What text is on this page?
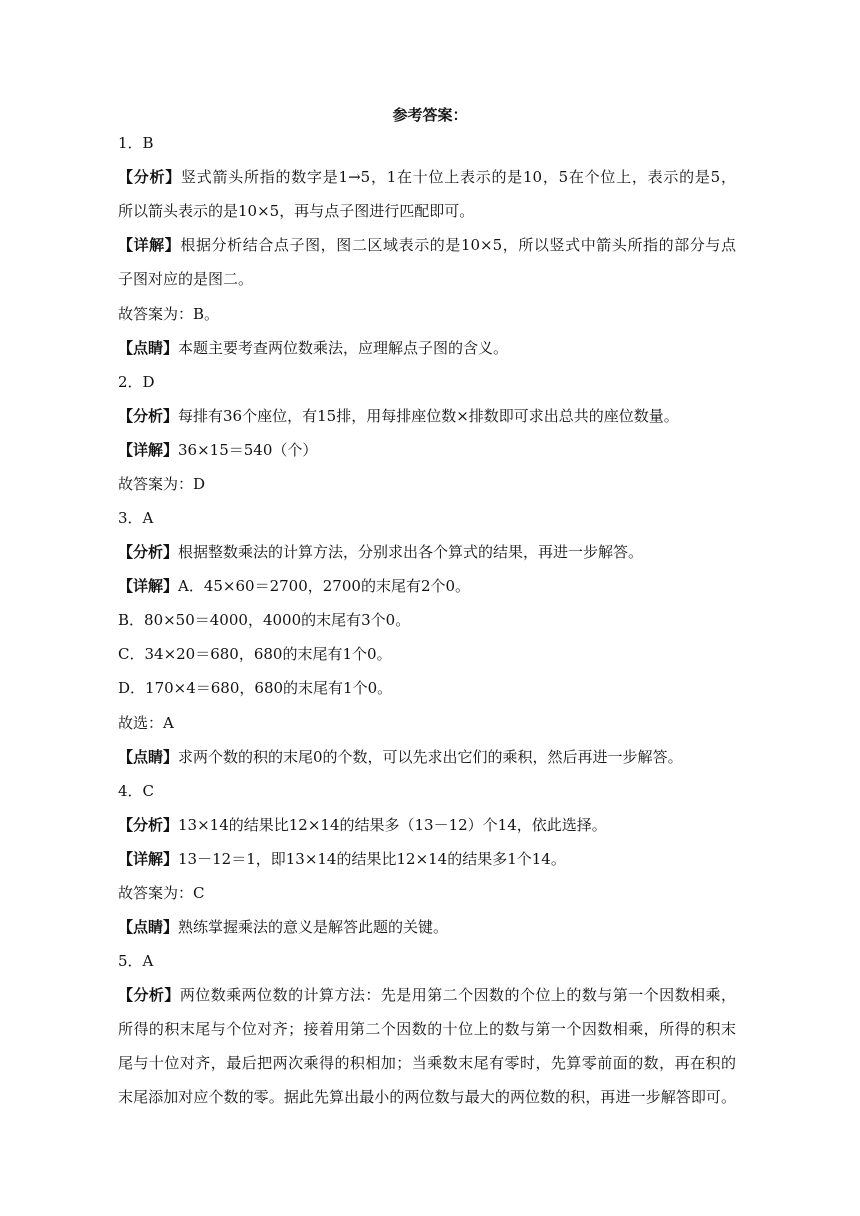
参考答案：
1．B
【分析】竖式箭头所指的数字是1→5，1在十位上表示的是10，5在个位上，表示的是5，
所以箭头表示的是10×5，再与点子图进行匹配即可。
【详解】根据分析结合点子图，图二区域表示的是10×5，所以竖式中箭头所指的部分与点
子图对应的是图二。
故答案为：B。
【点睛】本题主要考查两位数乘法，应理解点子图的含义。
2．D
【分析】每排有36个座位，有15排，用每排座位数×排数即可求出总共的座位数量。
【详解】36×15＝540（个）
故答案为：D
3．A
【分析】根据整数乘法的计算方法，分别求出各个算式的结果，再进一步解答。
【详解】A．45×60＝2700，2700的末尾有2个0。
B．80×50＝4000，4000的末尾有3个0。
C．34×20＝680，680的末尾有1个0。
D．170×4＝680，680的末尾有1个0。
故选：A
【点睛】求两个数的积的末尾0的个数，可以先求出它们的乘积，然后再进一步解答。
4．C
【分析】13×14的结果比12×14的结果多（13－12）个14，依此选择。
【详解】13－12＝1，即13×14的结果比12×14的结果多1个14。
故答案为：C
【点睛】熟练掌握乘法的意义是解答此题的关键。
5．A
【分析】两位数乘两位数的计算方法：先是用第二个因数的个位上的数与第一个因数相乘，
所得的积末尾与个位对齐；接着用第二个因数的十位上的数与第一个因数相乘，所得的积末
尾与十位对齐，最后把两次乘得的积相加；当乘数末尾有零时，先算零前面的数，再在积的
末尾添加对应个数的零。据此先算出最小的两位数与最大的两位数的积，再进一步解答即可。
